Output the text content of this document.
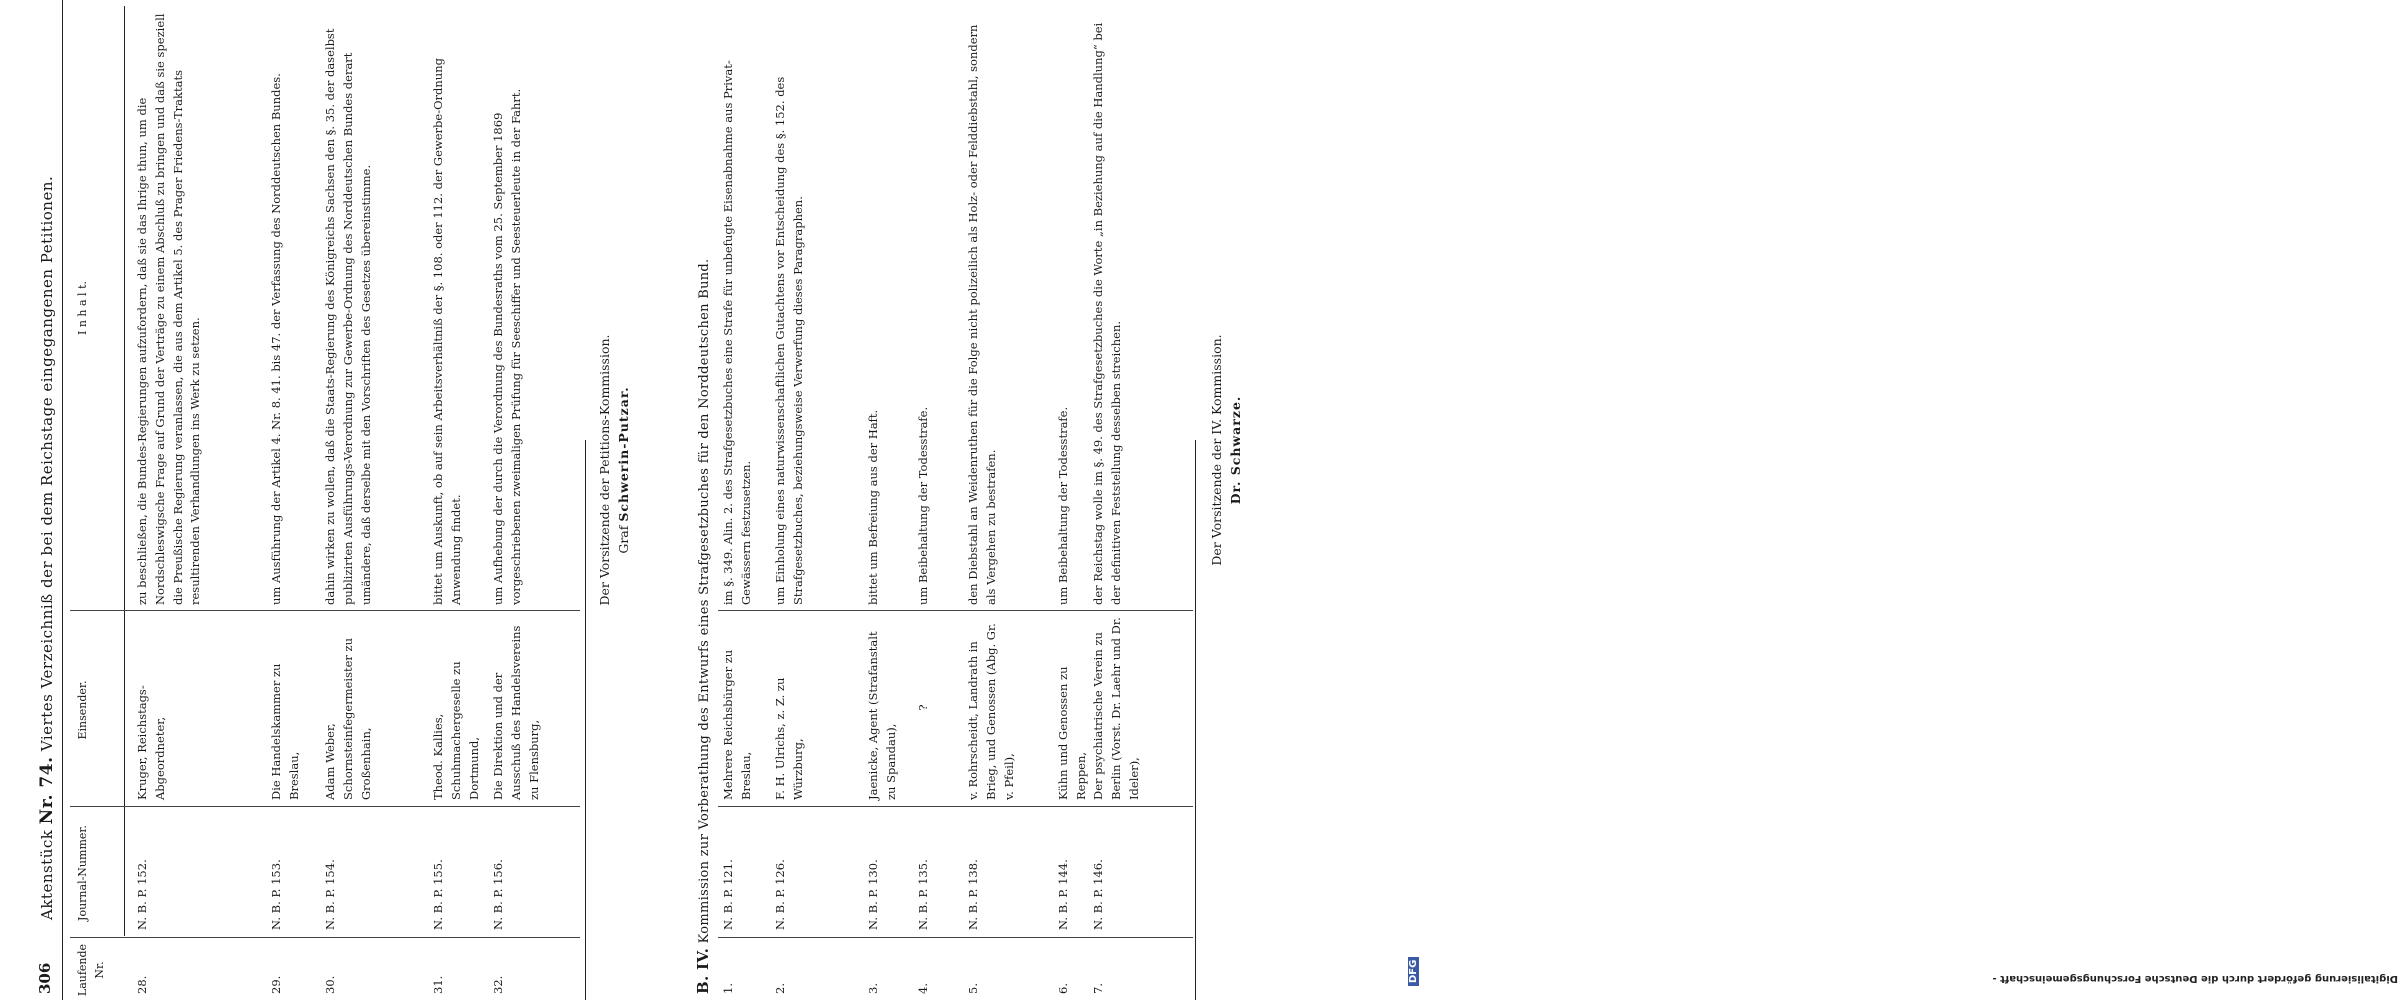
306
Aktenstück Nr. 74. Viertes Verzeichniß der bei dem Reichstage eingegangenen Petitionen.
Laufende Nr.
Journal-Nummer.
Einsender.
I n h a l t.
28.
N. B. P. 152.
Kruger, Reichstags-Abgeordneter,
zu beschließen, die Bundes-Regierungen aufzufordern, daß sie das Ihrige thun, um die Nordschleswigsche Frage auf Grund der Verträge zu einem Abschluß zu bringen und daß sie speziell die Preußische Regierung veranlassen, die aus dem Artikel 5. des Prager Friedens-Traktats resultirenden Verhandlungen ins Werk zu setzen.
29.
N. B. P. 153.
Die Handelskammer zu Breslau,
um Ausführung der Artikel 4. Nr. 8. 41. bis 47. der Verfassung des Norddeutschen Bundes.
30.
N. B. P. 154.
Adam Weber, Schornsteinfegermeister zu Großenhain,
dahin wirken zu wollen, daß die Staats-Regierung des Königreichs Sachsen den §. 35. der daselbst publizirten Ausführungs-Verordnung zur Gewerbe-Ordnung des Norddeutschen Bundes derart umändere, daß derselbe mit den Vorschriften des Gesetzes übereinstimme.
31.
N. B. P. 155.
Theod. Kallies, Schuhmachergeselle zu Dortmund,
bittet um Auskunft, ob auf sein Arbeitsverhältniß der §. 108. oder 112. der Gewerbe-Ordnung Anwendung findet.
32.
N. B. P. 156.
Die Direktion und der Ausschuß des Handelsvereins zu Flensburg,
um Aufhebung der durch die Verordnung des Bundesraths vom 25. September 1869 vorgeschriebenen zweimaligen Prüfung für Seeschiffer und Seesteuerleute in der Fahrt.	Der Vorsitzende der Petitions-Kommission. Graf Schwerin-Putzar.
B. IV. Kommission zur Vorberathung des Entwurfs eines Strafgesetzbuches für den Norddeutschen Bund.
1.
N. B. P. 121.
Mehrere Reichsbürger zu Breslau,
im §. 349. Alin. 2. des Strafgesetzbuches eine Strafe für unbefugte Eisenabnahme aus Privat-Gewässern festzusetzen.
2.
N. B. P. 126.
F. H. Ulrichs, z. Z. zu Würzburg,
um Einholung eines naturwissenschaftlichen Gutachtens vor Entscheidung des §. 152. des Strafgesetzbuches, beziehungsweise Verwerfung dieses Paragraphen.
3.
N. B. P. 130.
Jaenicke, Agent (Strafanstalt zu Spandau),
bittet um Befreiung aus der Haft.
4.
N. B. P. 135.
?
um Beibehaltung der Todesstrafe.
5.
N. B. P. 138.
v. Rohrscheidt, Landrath in Brieg, und Genossen (Abg. Gr. v. Pfeil),
den Diebstahl an Weidenruthen für die Folge nicht polizeilich als Holz- oder Felddiebstahl, sondern als Vergehen zu bestrafen.
6.
N. B. P. 144.
Kühn und Genossen zu Reppen,
um Beibehaltung der Todesstrafe.
7.
N. B. P. 146.
Der psychiatrische Verein zu Berlin (Vorst. Dr. Laehr und Dr. Ideler),
der Reichstag wolle im §. 49. des Strafgesetzbuches die Worte „in Beziehung auf die Handlung“ bei der definitiven Feststellung desselben streichen.	Der Vorsitzende der IV. Kommission. Dr. Schwarze.
Digitalisierung gefördert durch die Deutsche Forschungsgemeinschaft -
DFG
